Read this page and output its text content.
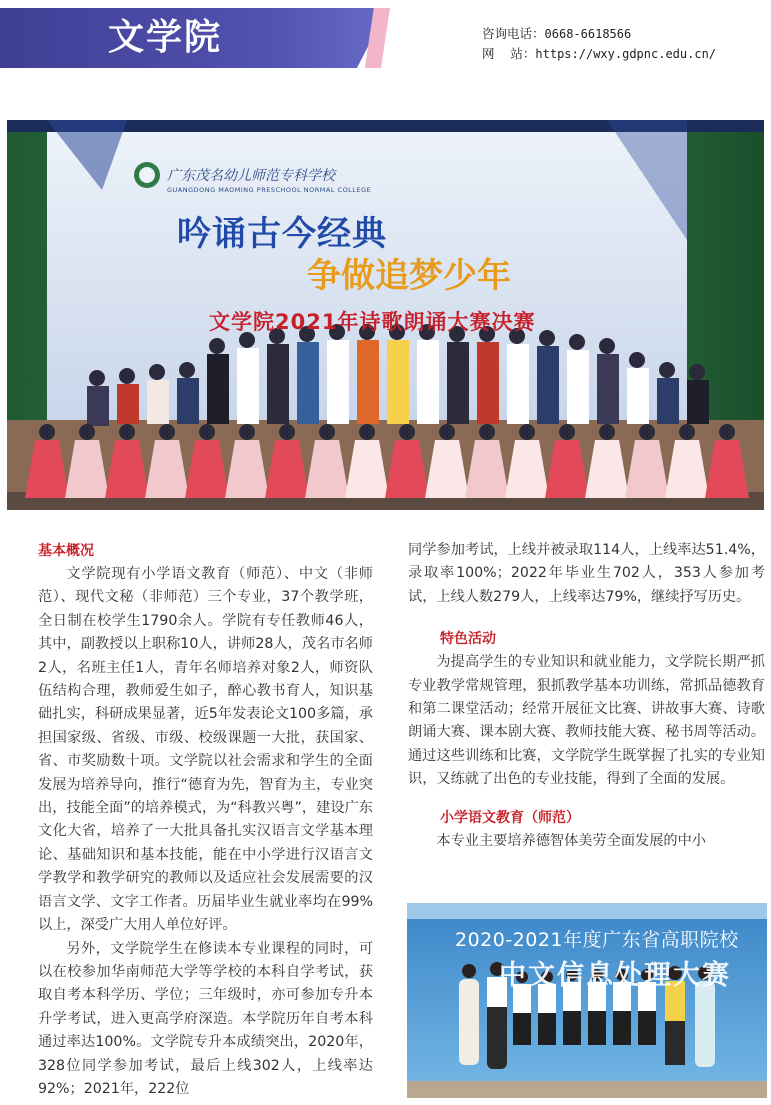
文学院	咨询电话：0668-6618566
网    站：https://wxy.gdpnc.edu.cn/
广东茂名幼儿师范专科学校
GUANGDONG MAOMING PRESCHOOL NORMAL COLLEGE
吟诵古今经典
争做追梦少年
文学院2021年诗歌朗诵大赛决赛

基本概况

文学院现有小学语文教育（师范）、中文（非师范）、现代文秘（非师范）三个专业，37个教学班，全日制在校学生1790余人。学院有专任教师46人，其中，副教授以上职称10人，讲师28人，茂名市名师2人，名班主任1人，青年名师培养对象2人，师资队伍结构合理，教师爱生如子，醉心教书育人，知识基础扎实，科研成果显著，近5年发表论文100多篇，承担国家级、省级、市级、校级课题一大批，获国家、省、市奖励数十项。文学院以社会需求和学生的全面发展为培养导向，推行“德育为先，智育为主，专业突出，技能全面”的培养模式，为“科教兴粤”，建设广东文化大省，培养了一大批具备扎实汉语言文学基本理论、基础知识和基本技能，能在中小学进行汉语言文学教学和教学研究的教师以及适应社会发展需要的汉语言文学、文字工作者。历届毕业生就业率均在99%以上，深受广大用人单位好评。

另外，文学院学生在修读本专业课程的同时，可以在校参加华南师范大学等学校的本科自学考试，获取自考本科学历、学位；三年级时，亦可参加专升本升学考试，进入更高学府深造。本学院历年自考本科通过率达100%。文学院专升本成绩突出，2020年，328位同学参加考试，最后上线302人，上线率达92%；2021年，222位

同学参加考试，上线并被录取114人，上线率达51.4%，录取率100%；2022年毕业生702人，353人参加考试，上线人数279人，上线率达79%，继续抒写历史。

特色活动

为提高学生的专业知识和就业能力，文学院长期严抓专业教学常规管理，狠抓教学基本功训练，常抓品德教育和第二课堂活动；经常开展征文比赛、讲故事大赛、诗歌朗诵大赛、课本剧大赛、教师技能大赛、秘书周等活动。通过这些训练和比赛，文学院学生既掌握了扎实的专业知识，又练就了出色的专业技能，得到了全面的发展。

小学语文教育（师范）

本专业主要培养德智体美劳全面发展的中小

2020-2021年度广东省高职院校
中文信息处理大赛
